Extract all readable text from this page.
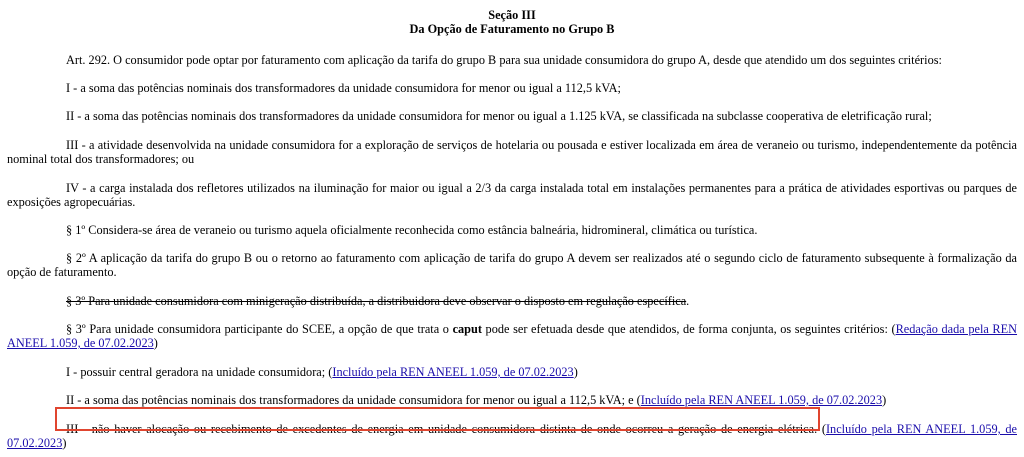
Seção III
Da Opção de Faturamento no Grupo B

Art. 292. O consumidor pode optar por faturamento com aplicação da tarifa do grupo B para sua unidade consumidora do grupo A, desde que atendido um dos seguintes critérios:

I - a soma das potências nominais dos transformadores da unidade consumidora for menor ou igual a 112,5 kVA;

II - a soma das potências nominais dos transformadores da unidade consumidora for menor ou igual a 1.125 kVA, se classificada na subclasse cooperativa de eletrificação rural;

III - a atividade desenvolvida na unidade consumidora for a exploração de serviços de hotelaria ou pousada e estiver localizada em área de veraneio ou turismo, independentemente da potência nominal total dos transformadores; ou

IV - a carga instalada dos refletores utilizados na iluminação for maior ou igual a 2/3 da carga instalada total em instalações permanentes para a prática de atividades esportivas ou parques de exposições agropecuárias.

§ 1º Considera-se área de veraneio ou turismo aquela oficialmente reconhecida como estância balneária, hidromineral, climática ou turística.

§ 2º A aplicação da tarifa do grupo B ou o retorno ao faturamento com aplicação de tarifa do grupo A devem ser realizados até o segundo ciclo de faturamento subsequente à formalização da opção de faturamento.

§ 3º Para unidade consumidora com minigeração distribuída, a distribuidora deve observar o disposto em regulação específica.

§ 3º Para unidade consumidora participante do SCEE, a opção de que trata o caput pode ser efetuada desde que atendidos, de forma conjunta, os seguintes critérios: (Redação dada pela REN ANEEL 1.059, de 07.02.2023)

I - possuir central geradora na unidade consumidora; (Incluído pela REN ANEEL 1.059, de 07.02.2023)

II - a soma das potências nominais dos transformadores da unidade consumidora for menor ou igual a 112,5 kVA; e (Incluído pela REN ANEEL 1.059, de 07.02.2023)

III - não haver alocação ou recebimento de excedentes de energia em unidade consumidora distinta de onde ocorreu a geração de energia elétrica. (Incluído pela REN ANEEL 1.059, de 07.02.2023)
